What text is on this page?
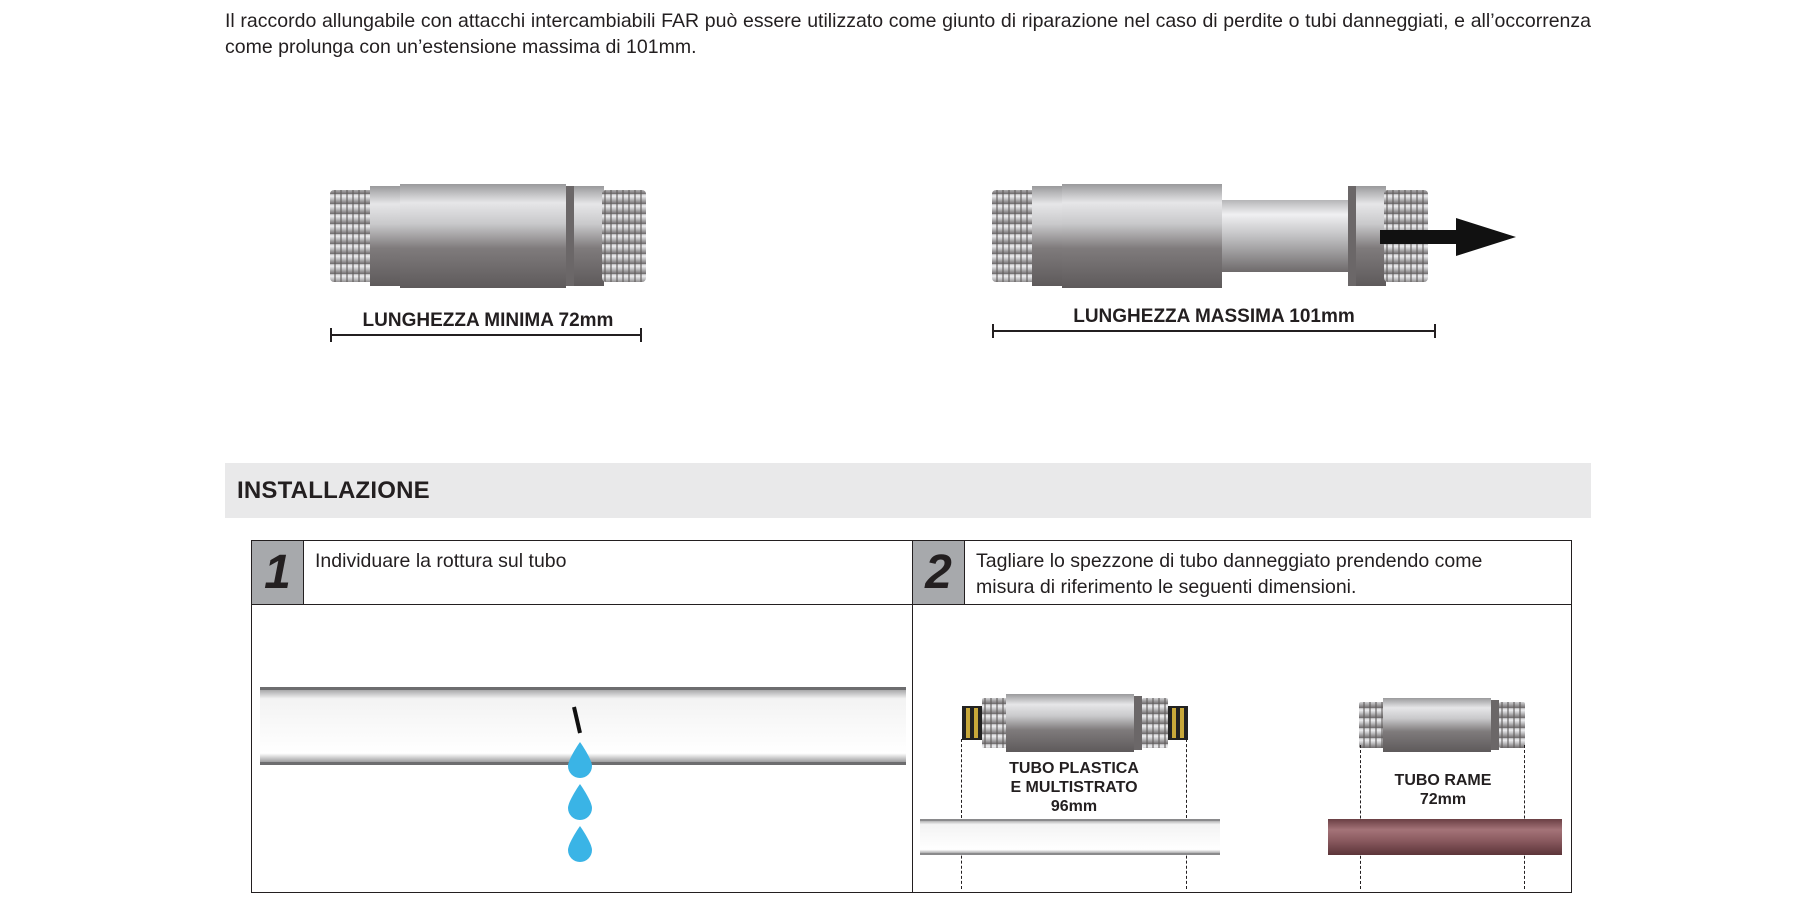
Il raccordo allungabile con attacchi intercambiabili FAR può essere utilizzato come giunto di riparazione nel caso di perdite o tubi danneggiati, e all’occorrenza come prolunga con un’estensione massima di 101mm.

LUNGHEZZA MINIMA 72mm	LUNGHEZZA MASSIMA 101mm
INSTALLAZIONE
1	Individuare la rottura sul tubo	2	Tagliare lo spezzone di tubo danneggiato prendendo come misura di riferimento le seguenti dimensioni.
TUBO PLASTICA
E MULTISTRATO
96mm
TUBO RAME
72mm
